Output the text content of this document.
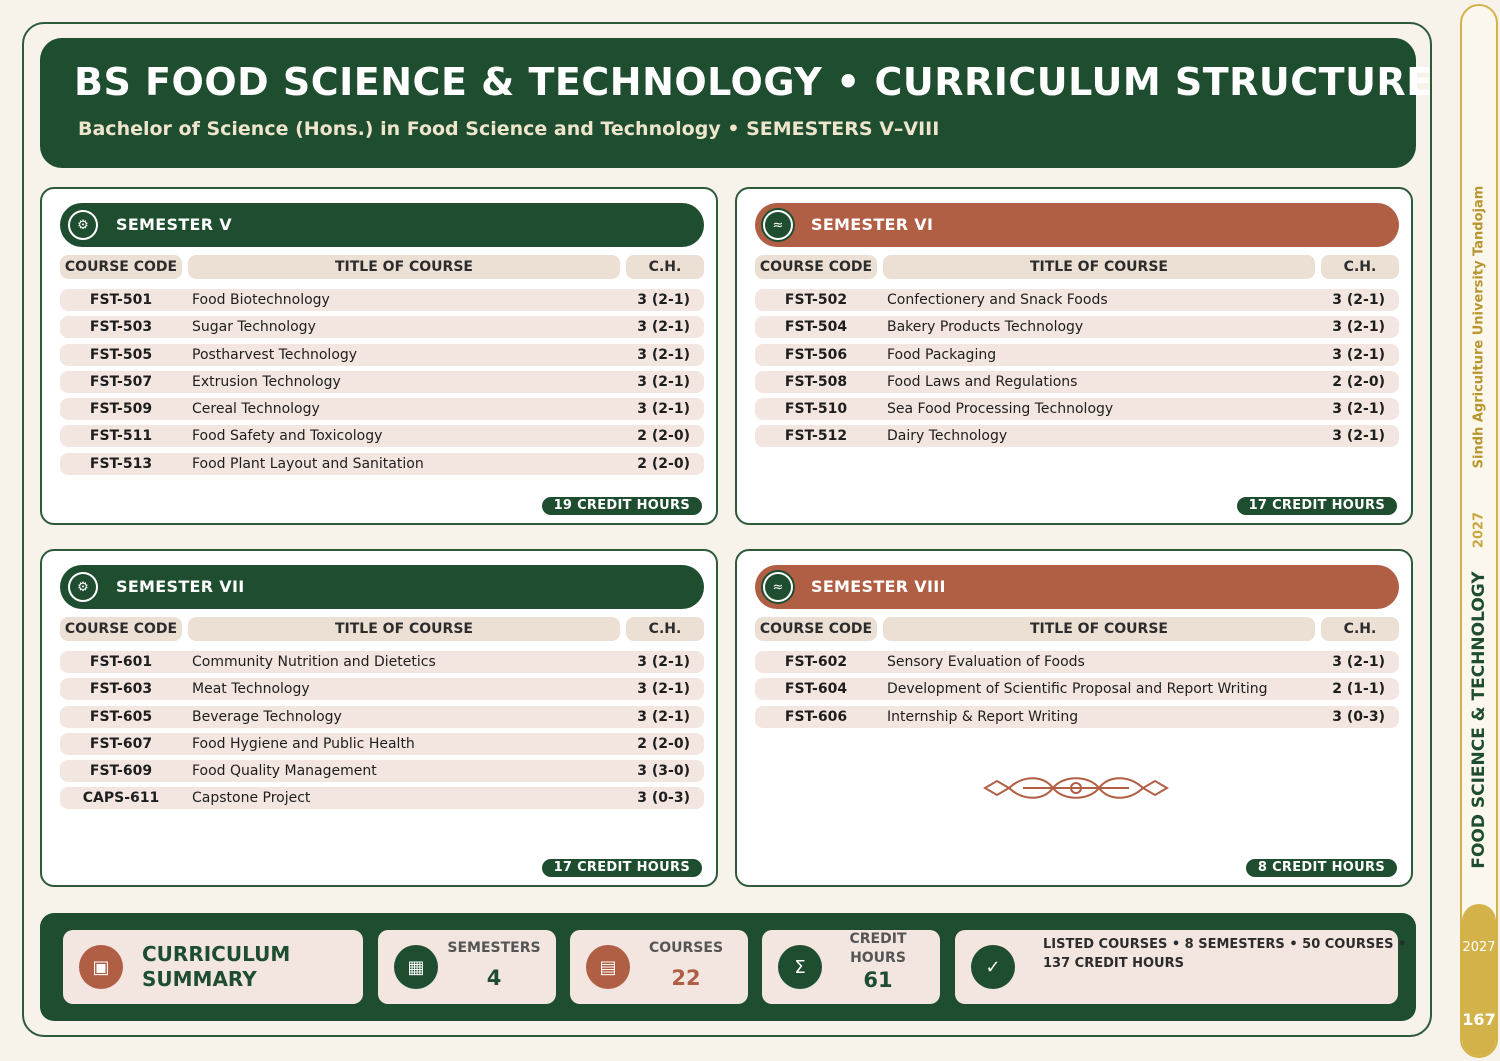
BS FOOD SCIENCE & TECHNOLOGY • CURRICULUM STRUCTURE
Bachelor of Science (Hons.) in Food Science and Technology • SEMESTERS V–VIII
⚙	SEMESTER V
COURSE CODE	TITLE OF COURSE	C.H.
FST-501	Food Biotechnology	3 (2-1)
FST-503	Sugar Technology	3 (2-1)
FST-505	Postharvest Technology	3 (2-1)
FST-507	Extrusion Technology	3 (2-1)
FST-509	Cereal Technology	3 (2-1)
FST-511	Food Safety and Toxicology	2 (2-0)
FST-513	Food Plant Layout and Sanitation	2 (2-0)
19 CREDIT HOURS
≈	SEMESTER VI
COURSE CODE	TITLE OF COURSE	C.H.
FST-502	Confectionery and Snack Foods	3 (2-1)
FST-504	Bakery Products Technology	3 (2-1)
FST-506	Food Packaging	3 (2-1)
FST-508	Food Laws and Regulations	2 (2-0)
FST-510	Sea Food Processing Technology	3 (2-1)
FST-512	Dairy Technology	3 (2-1)
17 CREDIT HOURS
⚙	SEMESTER VII
COURSE CODE	TITLE OF COURSE	C.H.
FST-601	Community Nutrition and Dietetics	3 (2-1)
FST-603	Meat Technology	3 (2-1)
FST-605	Beverage Technology	3 (2-1)
FST-607	Food Hygiene and Public Health	2 (2-0)
FST-609	Food Quality Management	3 (3-0)
CAPS-611	Capstone Project	3 (0-3)
17 CREDIT HOURS
≈	SEMESTER VIII
COURSE CODE	TITLE OF COURSE	C.H.
FST-602	Sensory Evaluation of Foods	3 (2-1)
FST-604	Development of Scientific Proposal and Report Writing	2 (1-1)
FST-606	Internship & Report Writing	3 (0-3)
8 CREDIT HOURS
▣
CURRICULUM
SUMMARY	▦
SEMESTERS
4	▤
COURSES
22	Σ
CREDIT
HOURS
61
✓
LISTED COURSES • 8 SEMESTERS • 50 COURSES •
137 CREDIT HOURS
Sindh Agriculture University Tandojam
2027
FOOD SCIENCE & TECHNOLOGY
2027
167
